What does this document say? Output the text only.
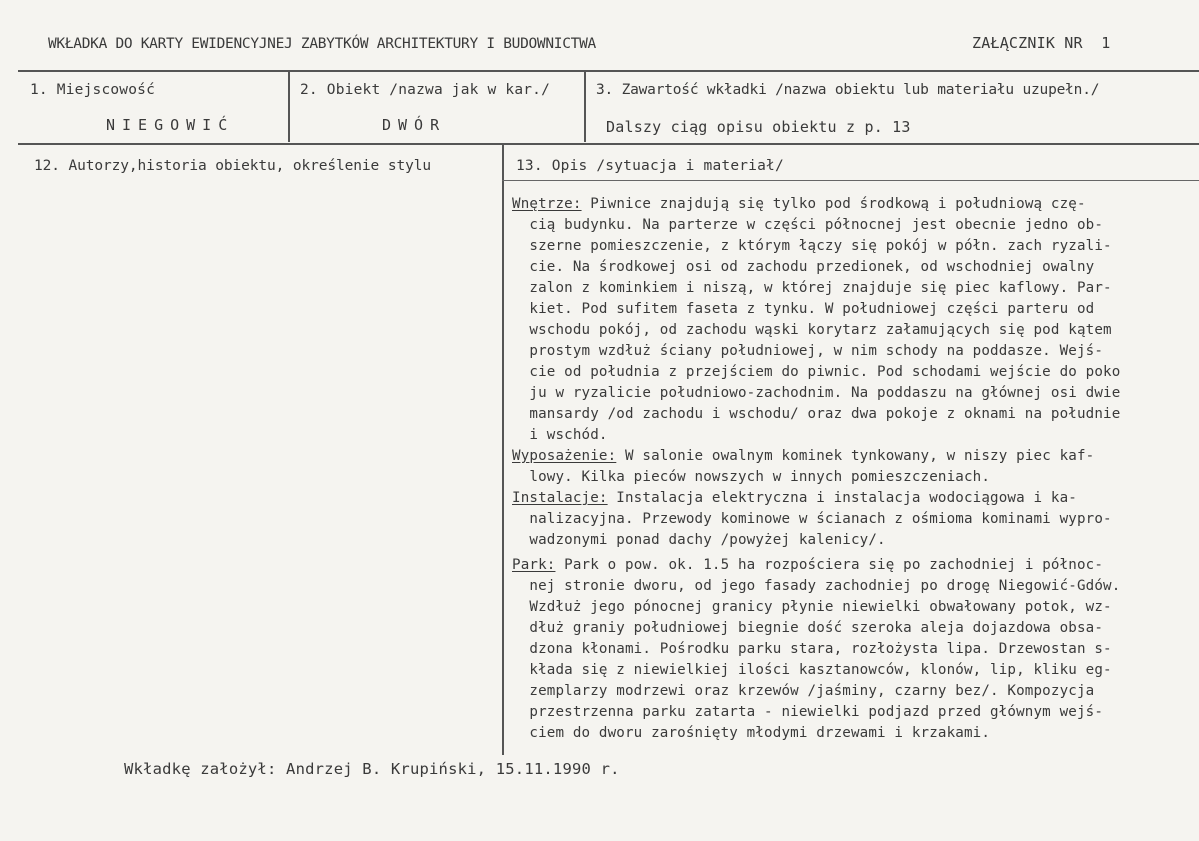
WKŁADKA DO KARTY EWIDENCYJNEJ ZABYTKÓW ARCHITEKTURY I BUDOWNICTWA	ZAŁĄCZNIK NR  1
1. Miejscowość
NIEGOWIĆ
2. Obiekt /nazwa jak w kar./
DWÓR
3. Zawartość wkładki /nazwa obiektu lub materiału uzupełn./
Dalszy ciąg opisu obiektu z p. 13
12. Autorzy,historia obiektu, określenie stylu	13. Opis /sytuacja i materiał/
Wnętrze: Piwnice znajdują się tylko pod środkową i południową czę-
cią budynku. Na parterze w części północnej jest obecnie jedno ob-
szerne pomieszczenie, z którym łączy się pokój w półn. zach ryzali-
cie. Na środkowej osi od zachodu przedionek, od wschodniej owalny
zalon z kominkiem i niszą, w której znajduje się piec kaflowy. Par-
kiet. Pod sufitem faseta z tynku. W południowej części parteru od
wschodu pokój, od zachodu wąski korytarz załamujących się pod kątem
prostym wzdłuż ściany południowej, w nim schody na poddasze. Wejś-
cie od południa z przejściem do piwnic. Pod schodami wejście do poko
ju w ryzalicie południowo-zachodnim. Na poddaszu na głównej osi dwie
mansardy /od zachodu i wschodu/ oraz dwa pokoje z oknami na południe
i wschód.
Wyposażenie: W salonie owalnym kominek tynkowany, w niszy piec kaf-
lowy. Kilka pieców nowszych w innych pomieszczeniach.
Instalacje: Instalacja elektryczna i instalacja wodociągowa i ka-
nalizacyjna. Przewody kominowe w ścianach z ośmioma kominami wypro-
wadzonymi ponad dachy /powyżej kalenicy/.
Park: Park o pow. ok. 1.5 ha rozpościera się po zachodniej i północ-
nej stronie dworu, od jego fasady zachodniej po drogę Niegowić-Gdów.
Wzdłuż jego pónocnej granicy płynie niewielki obwałowany potok, wz-
dłuż graniy południowej biegnie dość szeroka aleja dojazdowa obsa-
dzona kłonami. Pośrodku parku stara, rozłożysta lipa. Drzewostan s-
kłada się z niewielkiej ilości kasztanowców, klonów, lip, kliku eg-
zemplarzy modrzewi oraz krzewów /jaśminy, czarny bez/. Kompozycja
przestrzenna parku zatarta - niewielki podjazd przed głównym wejś-
ciem do dworu zarośnięty młodymi drzewami i krzakami.
Wkładkę założył: Andrzej B. Krupiński, 15.11.1990 r.
